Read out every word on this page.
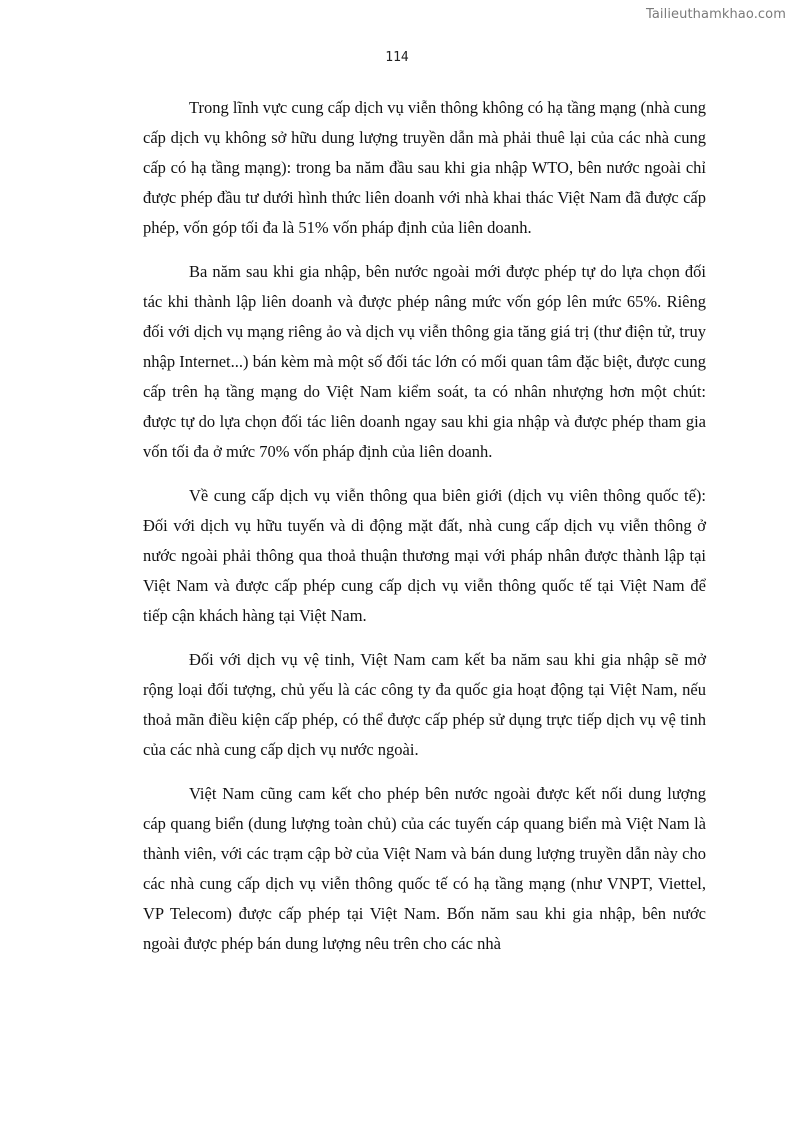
Tailieuthamkhao.com
114

Trong lĩnh vực cung cấp dịch vụ viễn thông không có hạ tầng mạng (nhà cung cấp dịch vụ không sở hữu dung lượng truyền dẫn mà phải thuê lại của các nhà cung cấp có hạ tầng mạng): trong ba năm đầu sau khi gia nhập WTO, bên nước ngoài chỉ được phép đầu tư dưới hình thức liên doanh với nhà khai thác Việt Nam đã được cấp phép, vốn góp tối đa là 51% vốn pháp định của liên doanh.

Ba năm sau khi gia nhập, bên nước ngoài mới được phép tự do lựa chọn đối tác khi thành lập liên doanh và được phép nâng mức vốn góp lên mức 65%. Riêng đối với dịch vụ mạng riêng ảo và dịch vụ viễn thông gia tăng giá trị (thư điện tử, truy nhập Internet...) bán kèm mà một số đối tác lớn có mối quan tâm đặc biệt, được cung cấp trên hạ tầng mạng do Việt Nam kiểm soát, ta có nhân nhượng hơn một chút: được tự do lựa chọn đối tác liên doanh ngay sau khi gia nhập và được phép tham gia vốn tối đa ở mức 70% vốn pháp định của liên doanh.

Về cung cấp dịch vụ viễn thông qua biên giới (dịch vụ viên thông quốc tế): Đối với dịch vụ hữu tuyến và di động mặt đất, nhà cung cấp dịch vụ viễn thông ở nước ngoài phải thông qua thoả thuận thương mại với pháp nhân được thành lập tại Việt Nam và được cấp phép cung cấp dịch vụ viễn thông quốc tế tại Việt Nam để tiếp cận khách hàng tại Việt Nam.

Đối với dịch vụ vệ tinh, Việt Nam cam kết ba năm sau khi gia nhập sẽ mở rộng loại đối tượng, chủ yếu là các công ty đa quốc gia hoạt động tại Việt Nam, nếu thoả mãn điều kiện cấp phép, có thể được cấp phép sử dụng trực tiếp dịch vụ vệ tinh của các nhà cung cấp dịch vụ nước ngoài.

Việt Nam cũng cam kết cho phép bên nước ngoài được kết nối dung lượng cáp quang biển (dung lượng toàn chủ) của các tuyến cáp quang biển mà Việt Nam là thành viên, với các trạm cập bờ của Việt Nam và bán dung lượng truyền dẫn này cho các nhà cung cấp dịch vụ viễn thông quốc tế có hạ tầng mạng (như VNPT, Viettel, VP Telecom) được cấp phép tại Việt Nam. Bốn năm sau khi gia nhập, bên nước ngoài được phép bán dung lượng nêu trên cho các nhà
